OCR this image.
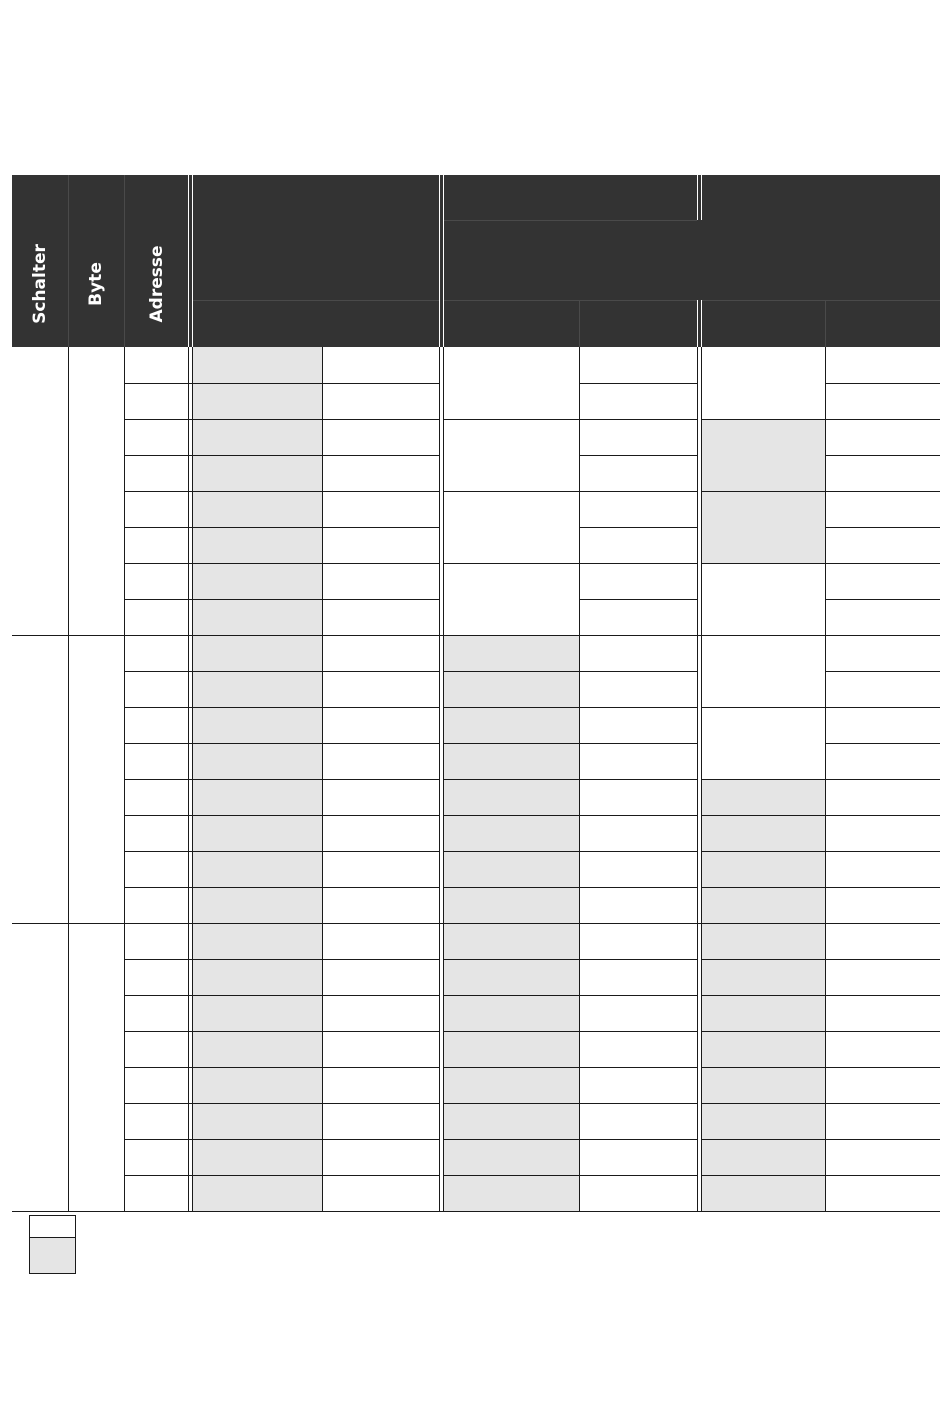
Schalter Byte Adresse
